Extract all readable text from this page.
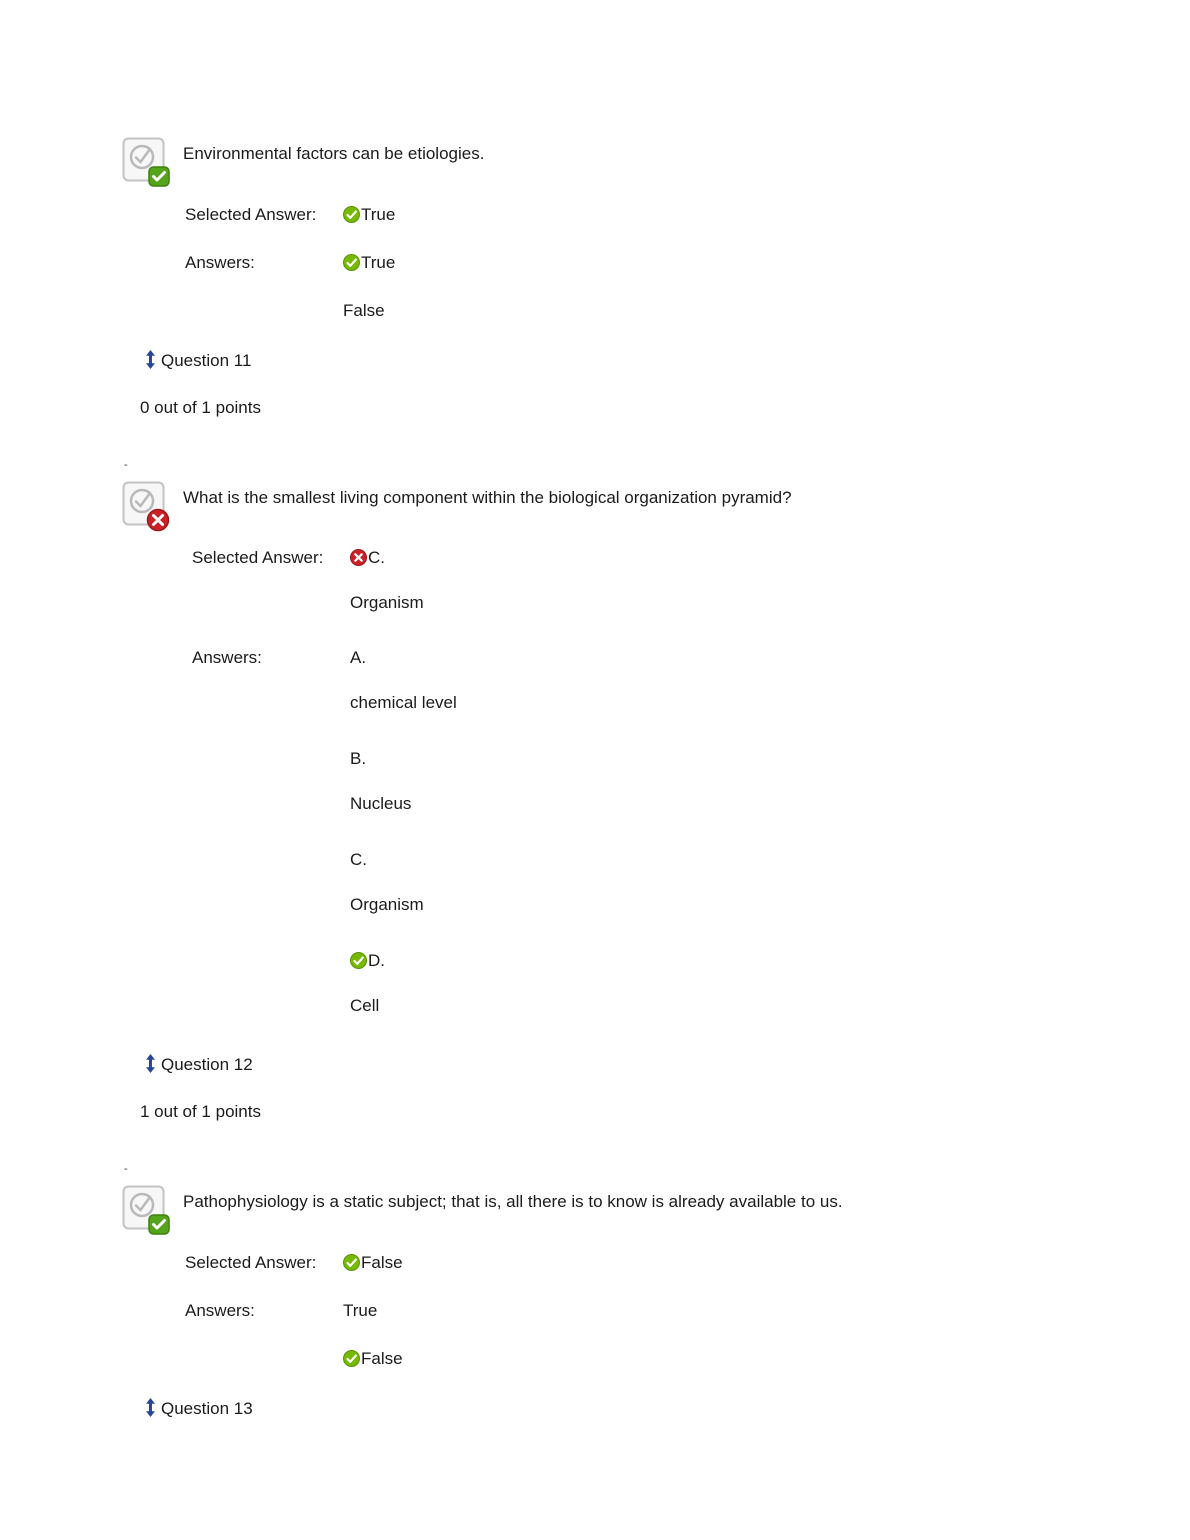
Environmental factors can be etiologies.
Selected Answer:	True
Answers:	True
False
Question 11
0 out of 1 points
-
What is the smallest living component within the biological organization pyramid?
Selected Answer:	C.
Organism
Answers:	A.
chemical level
B.
Nucleus
C.
Organism
D.
Cell
Question 12
1 out of 1 points
-
Pathophysiology is a static subject; that is, all there is to know is already available to us.
Selected Answer:	False
Answers:	True
False
Question 13
